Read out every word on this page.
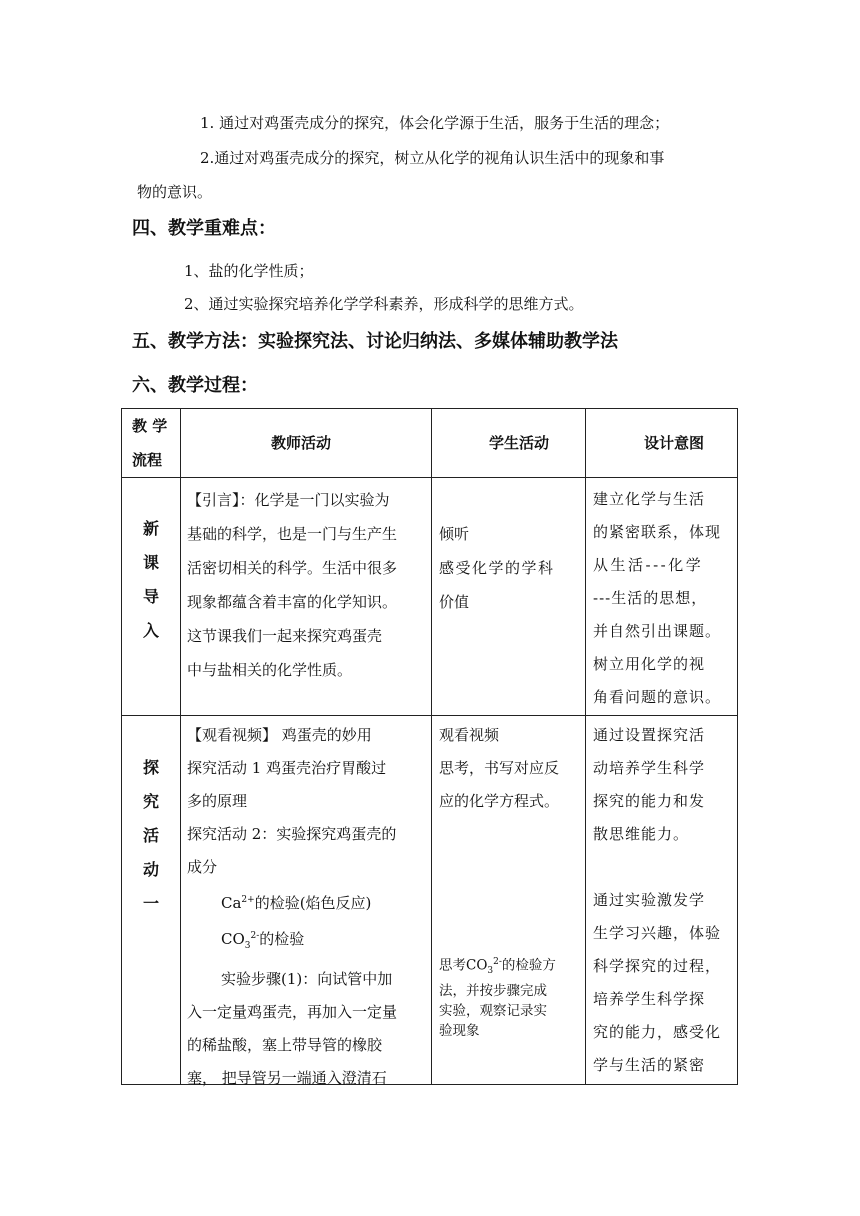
1. 通过对鸡蛋壳成分的探究，体会化学源于生活，服务于生活的理念；
2.通过对鸡蛋壳成分的探究，树立从化学的视角认识生活中的现象和事
物的意识。
四、教学重难点：
1、盐的化学性质；
2、通过实验探究培养化学学科素养，形成科学的思维方式。
五、教学方法：实验探究法、讨论归纳法、多媒体辅助教学法
六、教学过程：
教 学
流程
教师活动	学生活动	设计意图
新
课
导
入
【引言】：化学是一门以实验为
基础的科学，也是一门与生产生
活密切相关的科学。生活中很多
现象都蕴含着丰富的化学知识。
这节课我们一起来探究鸡蛋壳
中与盐相关的化学性质。
倾听
感受化学的学科
价值
建立化学与生活
的紧密联系，体现
从生活---化学
---生活的思想，
并自然引出课题。
树立用化学的视
角看问题的意识。
探
究
活
动
一
【观看视频】 鸡蛋壳的妙用
探究活动 1 鸡蛋壳治疗胃酸过
多的原理
探究活动 2：实验探究鸡蛋壳的
成分
$Ca^{2+}$的检验(焰色反应)
$CO_3^{2-}$的检验
实验步骤(1)：向试管中加
入一定量鸡蛋壳，再加入一定量
的稀盐酸，塞上带导管的橡胶
塞， 把导管另一端通入澄清石
观看视频
思考，书写对应反
应的化学方程式。
思考$CO_3^{2-}$的检验方
法，并按步骤完成
实验，观察记录实
验现象
通过设置探究活
动培养学生科学
探究的能力和发
散思维能力。
通过实验激发学
生学习兴趣，体验
科学探究的过程，
培养学生科学探
究的能力，感受化
学与生活的紧密
